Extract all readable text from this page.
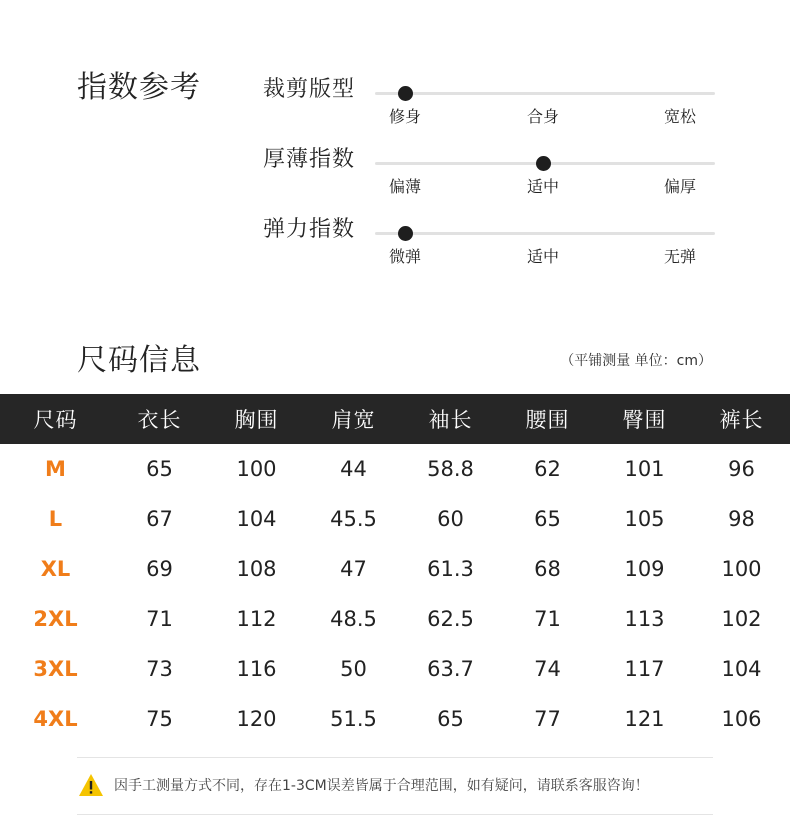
指数参考	裁剪版型
修身	合身	宽松
厚薄指数
偏薄	适中	偏厚
弹力指数
微弹	适中	无弹
尺码信息	（平铺测量 单位：cm）
尺码	衣长	胸围	肩宽	袖长	腰围	臀围	裤长
M	65	100	44	58.8	62	101	96
L	67	104	45.5	60	65	105	98
XL	69	108	47	61.3	68	109	100
2XL	71	112	48.5	62.5	71	113	102
3XL	73	116	50	63.7	74	117	104
4XL	75	120	51.5	65	77	121	106
因手工测量方式不同，存在1-3CM误差皆属于合理范围，如有疑问，请联系客服咨询！
